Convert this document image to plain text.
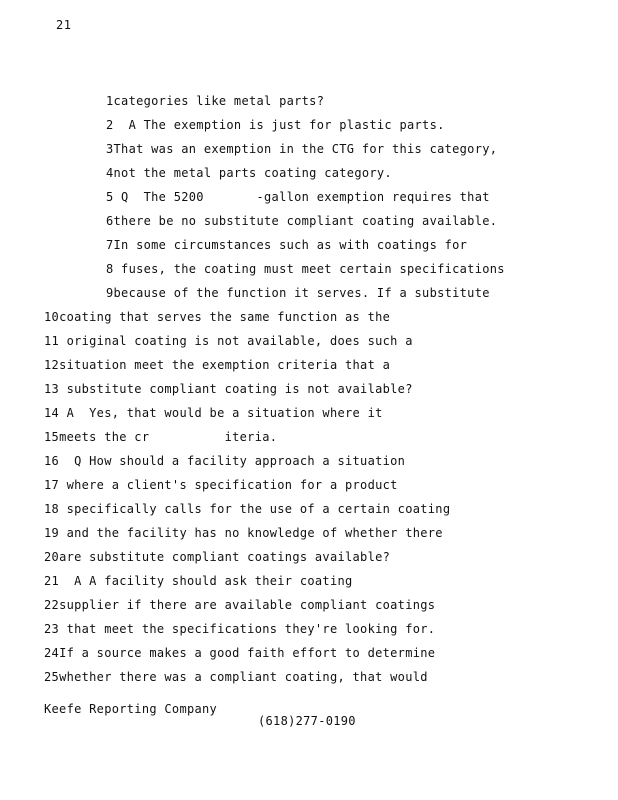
21
1categories like metal parts?
2  A The exemption is just for plastic parts.
3That was an exemption in the CTG for this category,
4not the metal parts coating category.
5 Q  The 5200       -gallon exemption requires that
6there be no substitute compliant coating available.
7In some circumstances such as with coatings for
8 fuses, the coating must meet certain specifications
9because of the function it serves. If a substitute
10coating that serves the same function as the
11 original coating is not available, does such a
12situation meet the exemption criteria that a
13 substitute compliant coating is not available?
14 A  Yes, that would be a situation where it
15meets the cr          iteria.
16  Q How should a facility approach a situation
17 where a client's specification for a product
18 specifically calls for the use of a certain coating
19 and the facility has no knowledge of whether there
20are substitute compliant coatings available?
21  A A facility should ask their coating
22supplier if there are available compliant coatings
23 that meet the specifications they're looking for.
24If a source makes a good faith effort to determine
25whether there was a compliant coating, that would
Keefe Reporting Company
(618)277-0190
